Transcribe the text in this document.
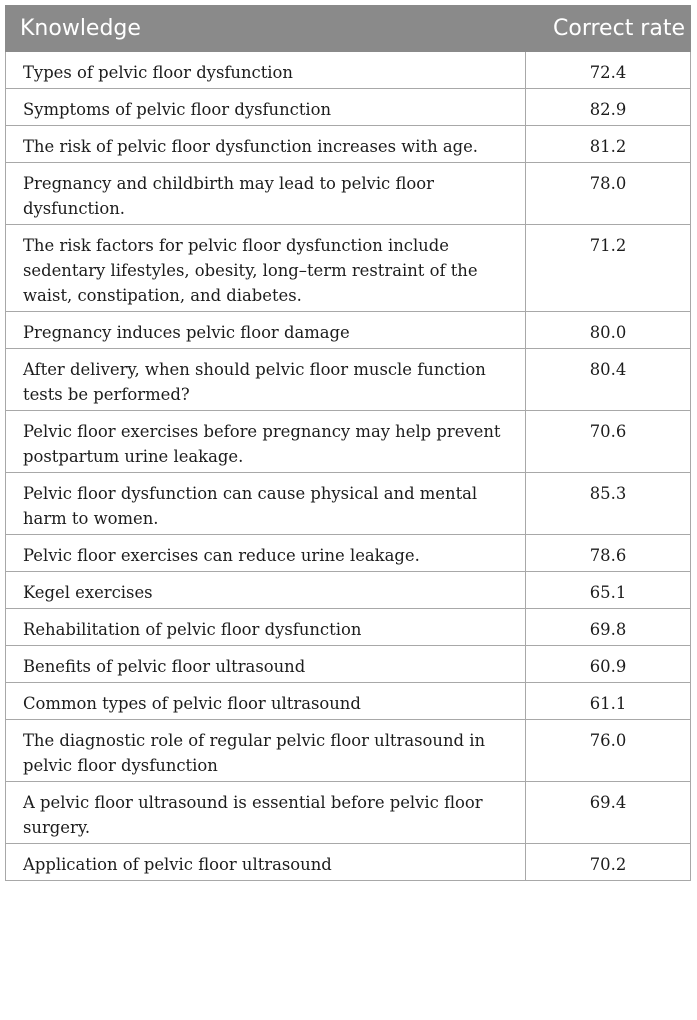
Knowledge	Correct rate
Types of pelvic floor dysfunction	72.4
Symptoms of pelvic floor dysfunction	82.9
The risk of pelvic floor dysfunction increases with age.	81.2
Pregnancy and childbirth may lead to pelvic floor dysfunction.	78.0
The risk factors for pelvic floor dysfunction include sedentary lifestyles, obesity, long–term restraint of the waist, constipation, and diabetes.	71.2
Pregnancy induces pelvic floor damage	80.0
After delivery, when should pelvic floor muscle function tests be performed?	80.4
Pelvic floor exercises before pregnancy may help prevent postpartum urine leakage.	70.6
Pelvic floor dysfunction can cause physical and mental harm to women.	85.3
Pelvic floor exercises can reduce urine leakage.	78.6
Kegel exercises	65.1
Rehabilitation of pelvic floor dysfunction	69.8
Benefits of pelvic floor ultrasound	60.9
Common types of pelvic floor ultrasound	61.1
The diagnostic role of regular pelvic floor ultrasound in pelvic floor dysfunction	76.0
A pelvic floor ultrasound is essential before pelvic floor surgery.	69.4
Application of pelvic floor ultrasound	70.2
